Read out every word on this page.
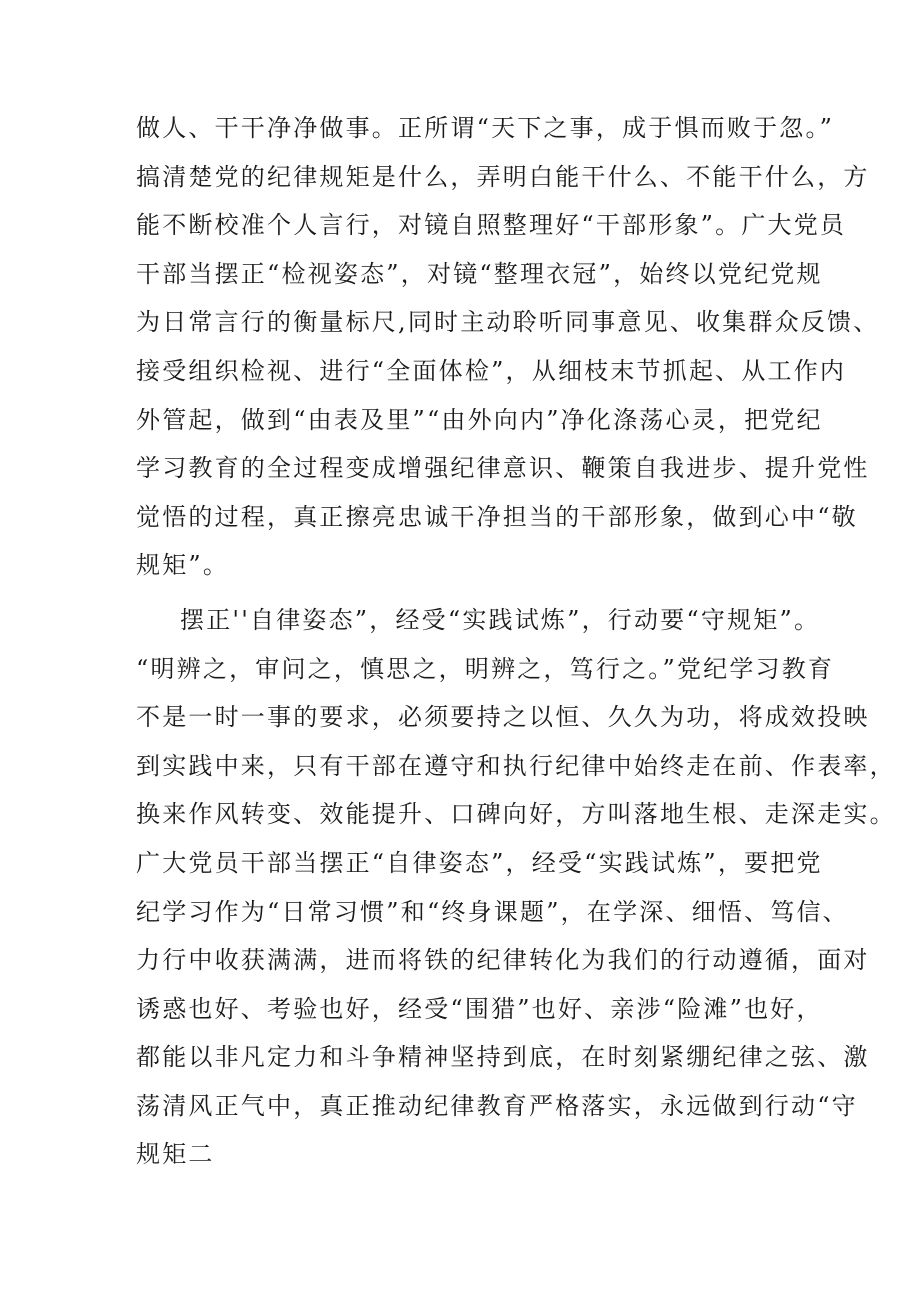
做人、干干净净做事。正所谓“天下之事，成于惧而败于忽。”
搞清楚党的纪律规矩是什么，弄明白能干什么、不能干什么，方
能不断校准个人言行，对镜自照整理好“干部形象”。广大党员
干部当摆正“检视姿态”，对镜“整理衣冠”，始终以党纪党规
为日常言行的衡量标尺,同时主动聆听同事意见、收集群众反馈、
接受组织检视、进行“全面体检”，从细枝末节抓起、从工作内
外管起，做到“由表及里”“由外向内”净化涤荡心灵，把党纪
学习教育的全过程变成增强纪律意识、鞭策自我进步、提升党性
觉悟的过程，真正擦亮忠诚干净担当的干部形象，做到心中“敬
规矩”。
摆正''自律姿态”，经受“实践试炼”，行动要“守规矩”。
“明辨之，审问之，慎思之，明辨之，笃行之。”党纪学习教育
不是一时一事的要求，必须要持之以恒、久久为功，将成效投映
到实践中来，只有干部在遵守和执行纪律中始终走在前、作表率，
换来作风转变、效能提升、口碑向好，方叫落地生根、走深走实。
广大党员干部当摆正“自律姿态”，经受“实践试炼”，要把党
纪学习作为“日常习惯”和“终身课题”，在学深、细悟、笃信、
力行中收获满满，进而将铁的纪律转化为我们的行动遵循，面对
诱惑也好、考验也好，经受“围猎”也好、亲涉“险滩”也好，
都能以非凡定力和斗争精神坚持到底，在时刻紧绷纪律之弦、激
荡清风正气中，真正推动纪律教育严格落实，永远做到行动“守
规矩二
